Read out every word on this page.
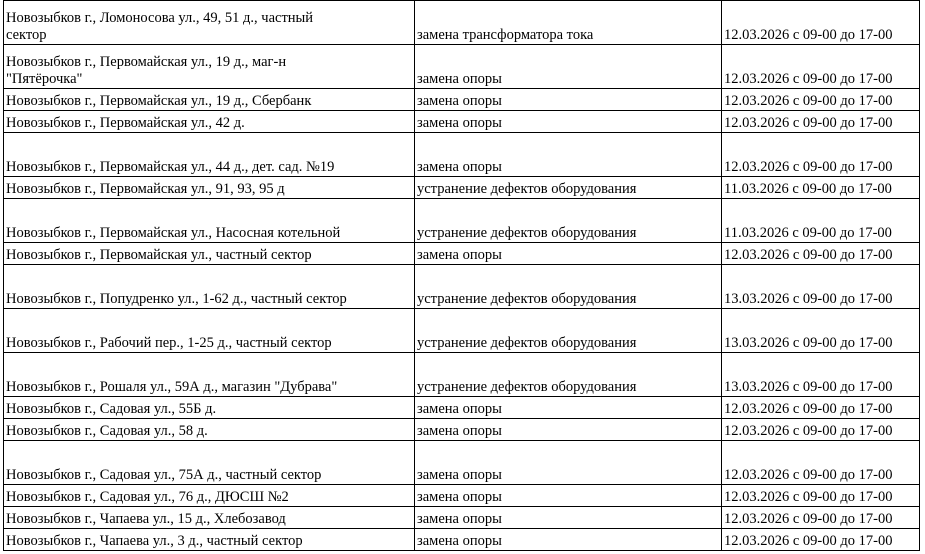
Новозыбков г., Ломоносова ул., 49, 51 д., частный
сектор	замена трансформатора тока	12.03.2026 с 09-00 до 17-00
Новозыбков г., Первомайская ул., 19 д., маг-н
"Пятёрочка"	замена опоры	12.03.2026 с 09-00 до 17-00
Новозыбков г., Первомайская ул., 19 д., Сбербанк	замена опоры	12.03.2026 с 09-00 до 17-00
Новозыбков г., Первомайская ул., 42 д.	замена опоры	12.03.2026 с 09-00 до 17-00
Новозыбков г., Первомайская ул., 44 д., дет. сад. №19	замена опоры	12.03.2026 с 09-00 до 17-00
Новозыбков г., Первомайская ул., 91, 93, 95 д	устранение дефектов оборудования	11.03.2026 с 09-00 до 17-00
Новозыбков г., Первомайская ул., Насосная котельной	устранение дефектов оборудования	11.03.2026 с 09-00 до 17-00
Новозыбков г., Первомайская ул., частный сектор	замена опоры	12.03.2026 с 09-00 до 17-00
Новозыбков г., Попудренко ул., 1-62 д., частный сектор	устранение дефектов оборудования	13.03.2026 с 09-00 до 17-00
Новозыбков г., Рабочий пер., 1-25 д., частный сектор	устранение дефектов оборудования	13.03.2026 с 09-00 до 17-00
Новозыбков г., Рошаля ул., 59А д., магазин "Дубрава"	устранение дефектов оборудования	13.03.2026 с 09-00 до 17-00
Новозыбков г., Садовая ул., 55Б д.	замена опоры	12.03.2026 с 09-00 до 17-00
Новозыбков г., Садовая ул., 58 д.	замена опоры	12.03.2026 с 09-00 до 17-00
Новозыбков г., Садовая ул., 75А д., частный сектор	замена опоры	12.03.2026 с 09-00 до 17-00
Новозыбков г., Садовая ул., 76 д., ДЮСШ №2	замена опоры	12.03.2026 с 09-00 до 17-00
Новозыбков г., Чапаева ул., 15 д., Хлебозавод	замена опоры	12.03.2026 с 09-00 до 17-00
Новозыбков г., Чапаева ул., 3 д., частный сектор	замена опоры	12.03.2026 с 09-00 до 17-00
